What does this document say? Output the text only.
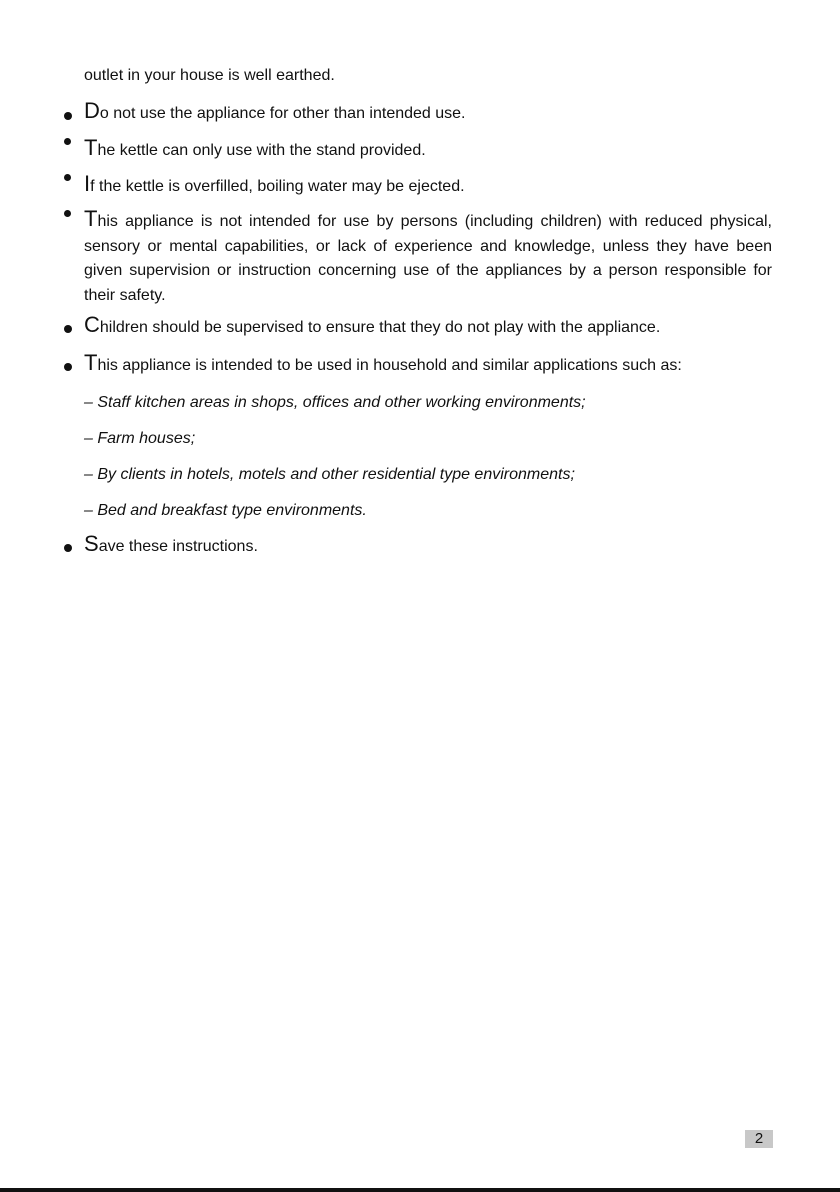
outlet in your house is well earthed.
Do not use the appliance for other than intended use.
The kettle can only use with the stand provided.
If the kettle is overfilled, boiling water may be ejected.
This appliance is not intended for use by persons (including children) with reduced physical, sensory or mental capabilities, or lack of experience and knowledge, unless they have been given supervision or instruction concerning use of the appliances by a person responsible for their safety.
Children should be supervised to ensure that they do not play with the appliance.
This appliance is intended to be used in household and similar applications such as:
– Staff kitchen areas in shops, offices and other working environments;
– Farm houses;
– By clients in hotels, motels and other residential type environments;
– Bed and breakfast type environments.
Save these instructions.
2
